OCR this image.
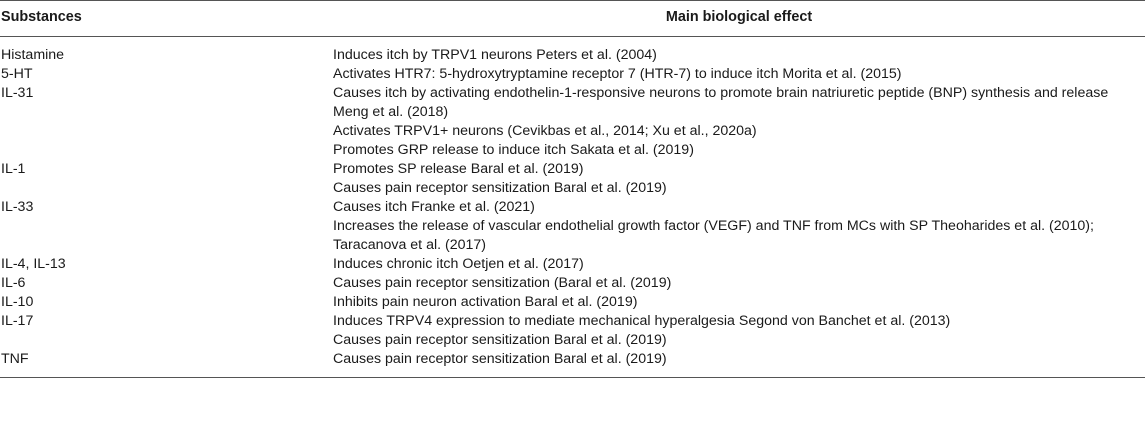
Substances	Main biological effect
Histamine	Induces itch by TRPV1 neurons Peters et al. (2004)
5-HT	Activates HTR7: 5-hydroxytryptamine receptor 7 (HTR-7) to induce itch Morita et al. (2015)
IL-31	Causes itch by activating endothelin-1-responsive neurons to promote brain natriuretic peptide (BNP) synthesis and release Meng et al. (2018)
	Activates TRPV1+ neurons (Cevikbas et al., 2014; Xu et al., 2020a)
	Promotes GRP release to induce itch Sakata et al. (2019)
IL-1	Promotes SP release Baral et al. (2019)
	Causes pain receptor sensitization Baral et al. (2019)
IL-33	Causes itch Franke et al. (2021)
	Increases the release of vascular endothelial growth factor (VEGF) and TNF from MCs with SP Theoharides et al. (2010); Taracanova et al. (2017)
IL-4, IL-13	Induces chronic itch Oetjen et al. (2017)
IL-6	Causes pain receptor sensitization (Baral et al. (2019)
IL-10	Inhibits pain neuron activation Baral et al. (2019)
IL-17	Induces TRPV4 expression to mediate mechanical hyperalgesia Segond von Banchet et al. (2013)
	Causes pain receptor sensitization Baral et al. (2019)
TNF	Causes pain receptor sensitization Baral et al. (2019)
